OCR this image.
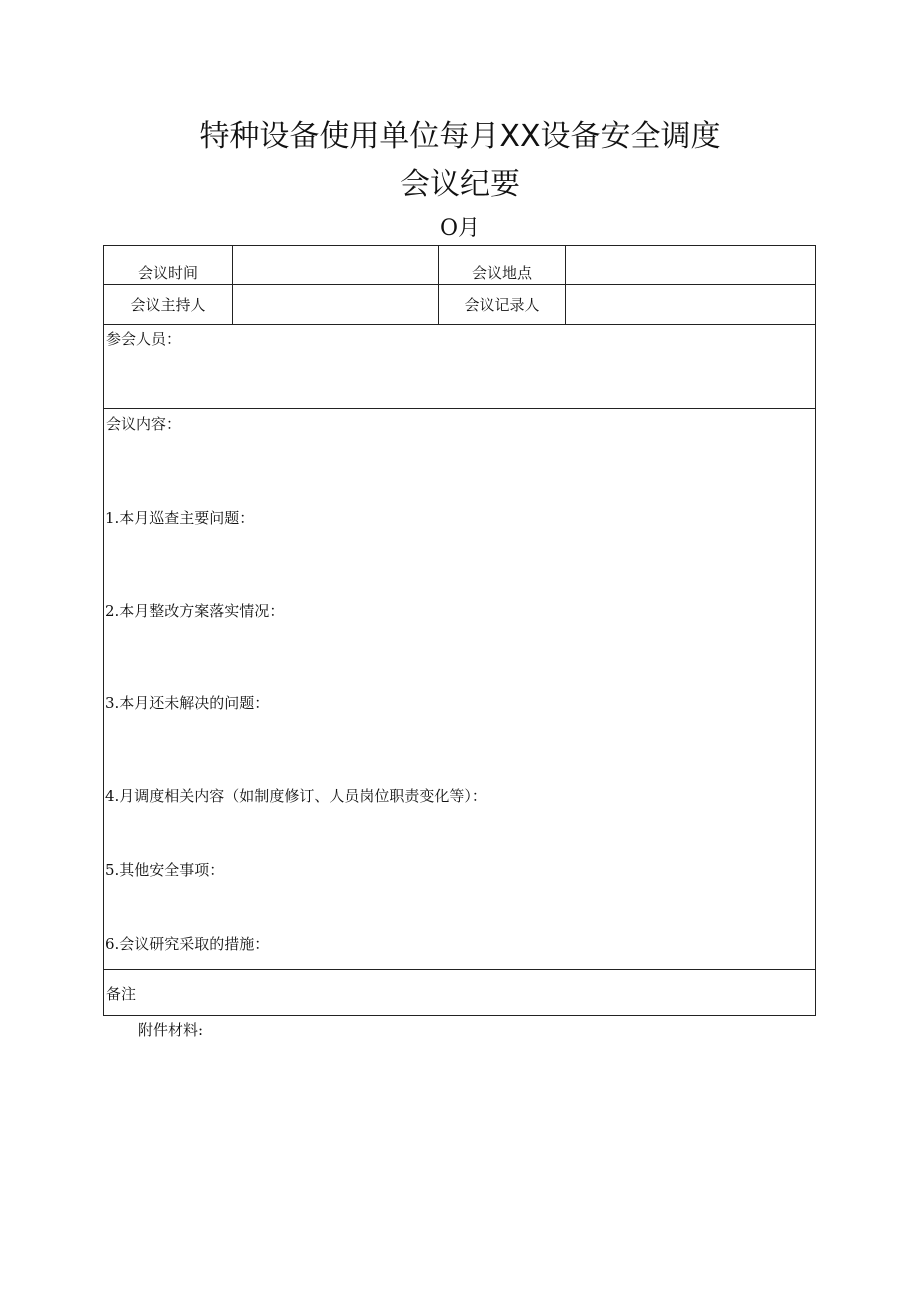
特种设备使用单位每月XX设备安全调度
会议纪要
O月
会议时间	会议地点
会议主持人	会议记录人
参会人员：
会议内容：
1.本月巡查主要问题：
2.本月整改方案落实情况：
3.本月还未解决的问题：
4.月调度相关内容（如制度修订、人员岗位职责变化等）：
5.其他安全事项：
6.会议研究采取的措施：
备注
附件材料:
